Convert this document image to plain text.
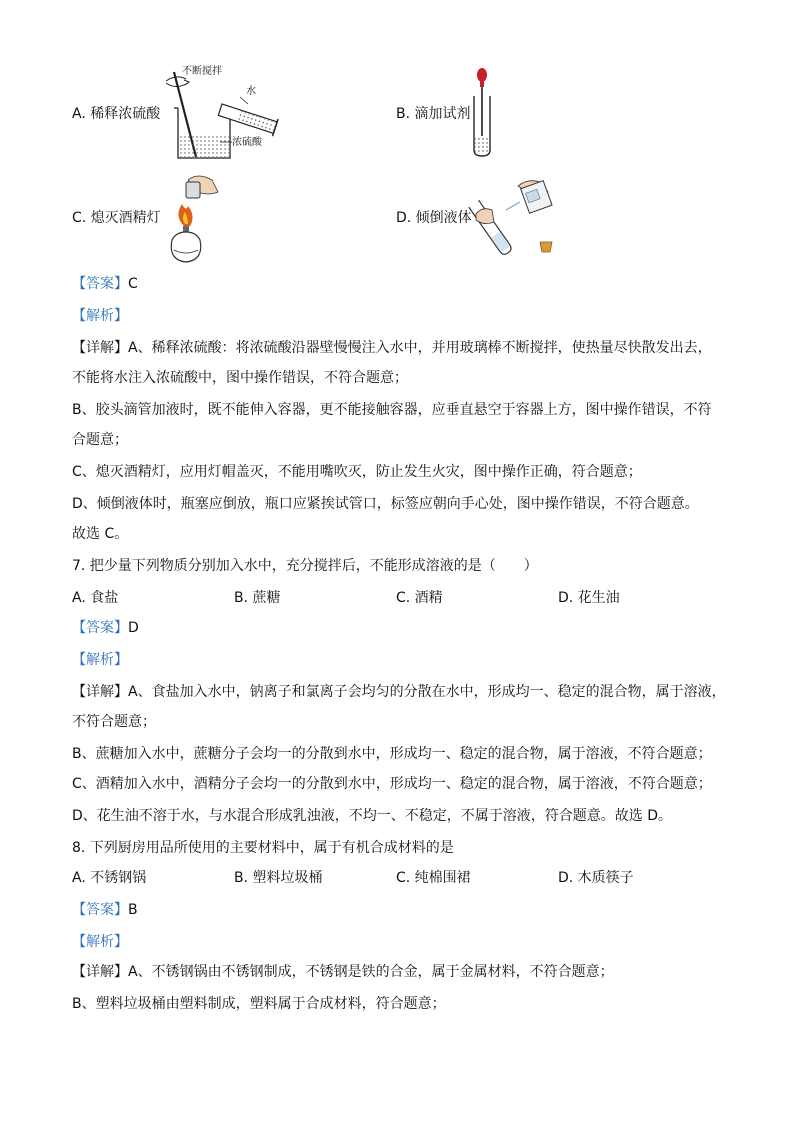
A. 稀释浓硫酸
不断搅拌
水
浓硫酸
B. 滴加试剂
D. 倾倒液体
C. 熄灭酒精灯
【答案】C
【解析】
【详解】A、稀释浓硫酸：将浓硫酸沿器壁慢慢注入水中，并用玻璃棒不断搅拌，使热量尽快散发出去，
不能将水注入浓硫酸中，图中操作错误，不符合题意；
B、胶头滴管加液时，既不能伸入容器，更不能接触容器，应垂直悬空于容器上方，图中操作错误，不符
合题意；
C、熄灭酒精灯，应用灯帽盖灭，不能用嘴吹灭，防止发生火灾，图中操作正确，符合题意；
D、倾倒液体时，瓶塞应倒放，瓶口应紧挨试管口，标签应朝向手心处，图中操作错误，不符合题意。
故选 C。
7. 把少量下列物质分别加入水中，充分搅拌后，不能形成溶液的是（　　）
A. 食盐	B. 蔗糖	C. 酒精	D. 花生油
【答案】D
【解析】
【详解】A、食盐加入水中，钠离子和氯离子会均匀的分散在水中，形成均一、稳定的混合物，属于溶液，
不符合题意；
B、蔗糖加入水中，蔗糖分子会均一的分散到水中，形成均一、稳定的混合物，属于溶液，不符合题意；
C、酒精加入水中，酒精分子会均一的分散到水中，形成均一、稳定的混合物，属于溶液，不符合题意；
D、花生油不溶于水，与水混合形成乳浊液，不均一、不稳定，不属于溶液，符合题意。故选 D。
8. 下列厨房用品所使用的主要材料中，属于有机合成材料的是
A. 不锈钢锅	B. 塑料垃圾桶	C. 纯棉围裙	D. 木质筷子
【答案】B
【解析】
【详解】A、不锈钢锅由不锈钢制成，不锈钢是铁的合金，属于金属材料，不符合题意；
B、塑料垃圾桶由塑料制成，塑料属于合成材料，符合题意；
